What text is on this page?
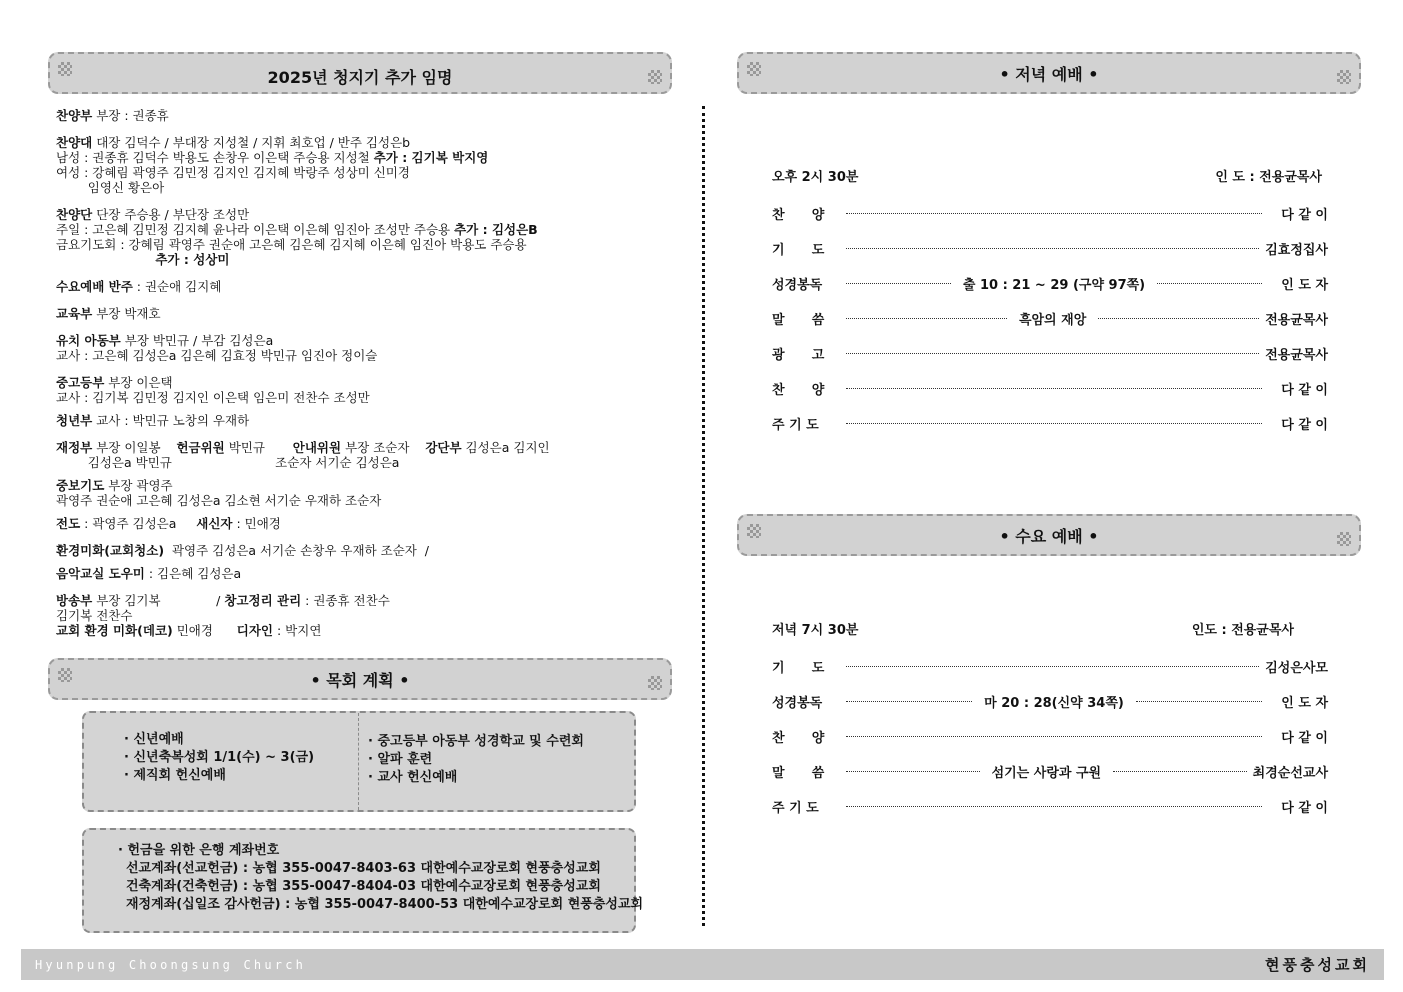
2025년 청지기 추가 임명
찬양부 부장 : 권종휴
찬양대 대장 김덕수 / 부대장 지성철 / 지휘 최호업 / 반주 김성은b
남성 : 권종휴 김덕수 박용도 손창우 이은택 주승용 지성철 추가 : 김기복 박지영
여성 : 강혜림 곽영주 김민정 김지인 김지혜 박랑주 성상미 신미경
임영신 황은아
찬양단 단장 주승용 / 부단장 조성만
주일 : 고은혜 김민정 김지혜 윤나라 이은택 이은혜 임진아 조성만 주승용 추가 : 김성은B
금요기도회 : 강혜림 곽영주 권순애 고은혜 김은혜 김지혜 이은혜 임진아 박용도 주승용
추가 : 성상미
수요예배 반주 : 권순애 김지혜
교육부 부장 박재호
유치 아동부 부장 박민규 / 부감 김성은a
교사 : 고은혜 김성은a 김은혜 김효정 박민규 임진아 정이슬
중고등부 부장 이은택
교사 : 김기복 김민정 김지인 이은택 임은미 전찬수 조성만
청년부 교사 : 박민규 노창의 우재하
재정부 부장 이일봉    헌금위원 박민규       안내위원 부장 조순자    강단부 김성은a 김지인
김성은a 박민규                          조순자 서기순 김성은a
중보기도 부장 곽영주
곽영주 권순애 고은혜 김성은a 김소현 서기순 우재하 조순자
전도 : 곽영주 김성은a     새신자 : 민애경
환경미화(교회청소)  곽영주 김성은a 서기순 손창우 우재하 조순자  /
음악교실 도우미 : 김은혜 김성은a
방송부 부장 김기복              / 창고정리 관리 : 권종휴 전찬수
김기복 전찬수
교회 환경 미화(데코) 민애경      디자인 : 박지연
• 목회 계획 •
· 신년예배
· 신년축복성회 1/1(수) ~ 3(금)
· 제직회 헌신예배
· 중고등부 아동부 성경학교 및 수련회
· 알파 훈련
· 교사 헌신예배
· 헌금을 위한 은행 계좌번호
선교계좌(선교헌금) : 농협 355-0047-8403-63 대한예수교장로회 현풍충성교회
건축계좌(건축헌금) : 농협 355-0047-8404-03 대한예수교장로회 현풍충성교회
재정계좌(십일조 감사헌금) : 농협 355-0047-8400-53 대한예수교장로회 현풍충성교회
• 저녁 예배 •
오후 2시 30분	인 도 : 전용균목사
찬      양	다 같 이
기      도	김효정집사
성경봉독	출 10 : 21 ~ 29 (구약 97쪽)	인 도 자
말      씀	흑암의 재앙	전용균목사
광      고	전용균목사
찬      양	다 같 이
주 기 도	다 같 이
• 수요 예배 •
저녁 7시 30분	인도 : 전용균목사
기      도	김성은사모
성경봉독	마 20 : 28(신약 34쪽)	인 도 자
찬      양	다 같 이
말      씀	섬기는 사랑과 구원	최경순선교사
주 기 도	다 같 이
Hyunpung Choongsung Church	현풍충성교회
